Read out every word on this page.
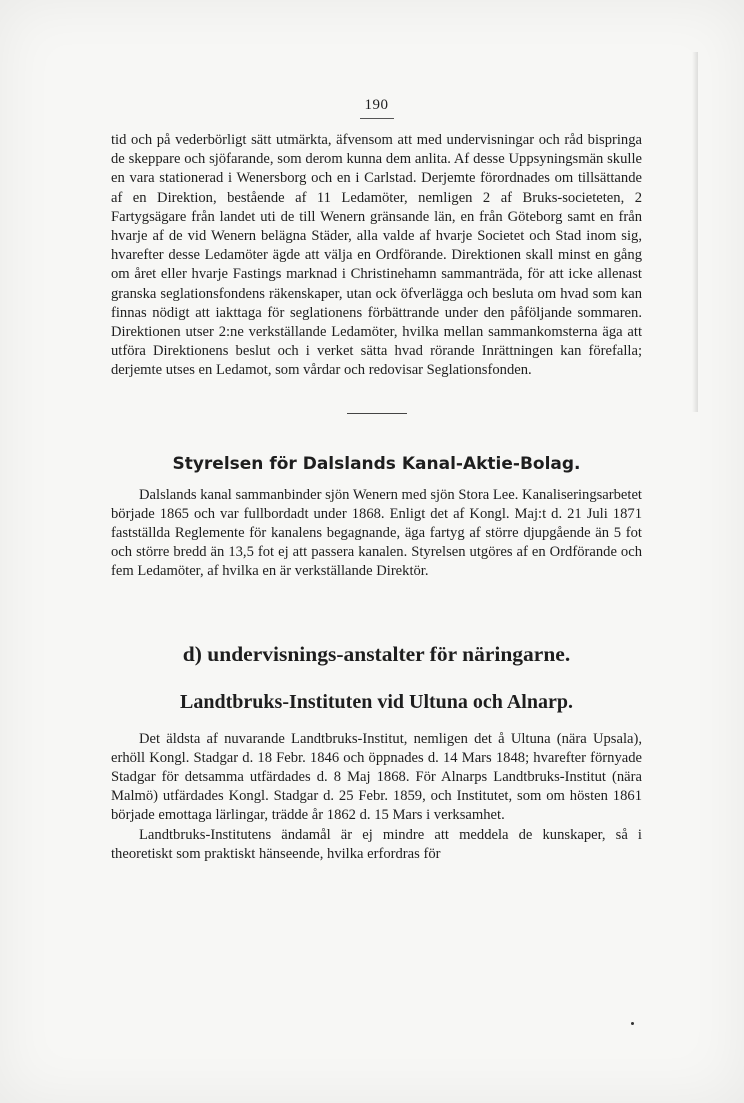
190

tid och på vederbörligt sätt utmärkta, äfvensom att med undervisningar och råd bispringa de skeppare och sjöfarande, som derom kunna dem anlita. Af desse Uppsyningsmän skulle en vara stationerad i Wenersborg och en i Carlstad. Derjemte förordnades om tillsättande af en Direktion, bestående af 11 Ledamöter, nemligen 2 af Bruks-societeten, 2 Fartygsägare från landet uti de till Wenern gränsande län, en från Göteborg samt en från hvarje af de vid Wenern belägna Städer, alla valde af hvarje Societet och Stad inom sig, hvarefter desse Ledamöter ägde att välja en Ordförande. Direktionen skall minst en gång om året eller hvarje Fastings marknad i Christinehamn sammanträda, för att icke allenast granska seglationsfondens räkenskaper, utan ock öfverlägga och besluta om hvad som kan finnas nödigt att iakttaga för seglationens förbättrande under den påföljande sommaren. Direktionen utser 2:ne verkställande Ledamöter, hvilka mellan sammankomsterna äga att utföra Direktionens beslut och i verket sätta hvad rörande Inrättningen kan förefalla; derjemte utses en Ledamot, som vårdar och redovisar Seglationsfonden.

Styrelsen för Dalslands Kanal-Aktie-Bolag.

Dalslands kanal sammanbinder sjön Wenern med sjön Stora Lee. Kanaliseringsarbetet började 1865 och var fullbordadt under 1868. Enligt det af Kongl. Maj:t d. 21 Juli 1871 fastställda Reglemente för kanalens begagnande, äga fartyg af större djupgående än 5 fot och större bredd än 13,5 fot ej att passera kanalen. Styrelsen utgöres af en Ordförande och fem Ledamöter, af hvilka en är verkställande Direktör.

d) undervisnings-anstalter för näringarne.
Landtbruks-Instituten vid Ultuna och Alnarp.

Det äldsta af nuvarande Landtbruks-Institut, nemligen det å Ultuna (nära Upsala), erhöll Kongl. Stadgar d. 18 Febr. 1846 och öppnades d. 14 Mars 1848; hvarefter förnyade Stadgar för detsamma utfärdades d. 8 Maj 1868. För Alnarps Landtbruks-Institut (nära Malmö) utfärdades Kongl. Stadgar d. 25 Febr. 1859, och Institutet, som om hösten 1861 började emottaga lärlingar, trädde år 1862 d. 15 Mars i verksamhet.

Landtbruks-Institutens ändamål är ej mindre att meddela de kunskaper, så i theoretiskt som praktiskt hänseende, hvilka erfordras för
